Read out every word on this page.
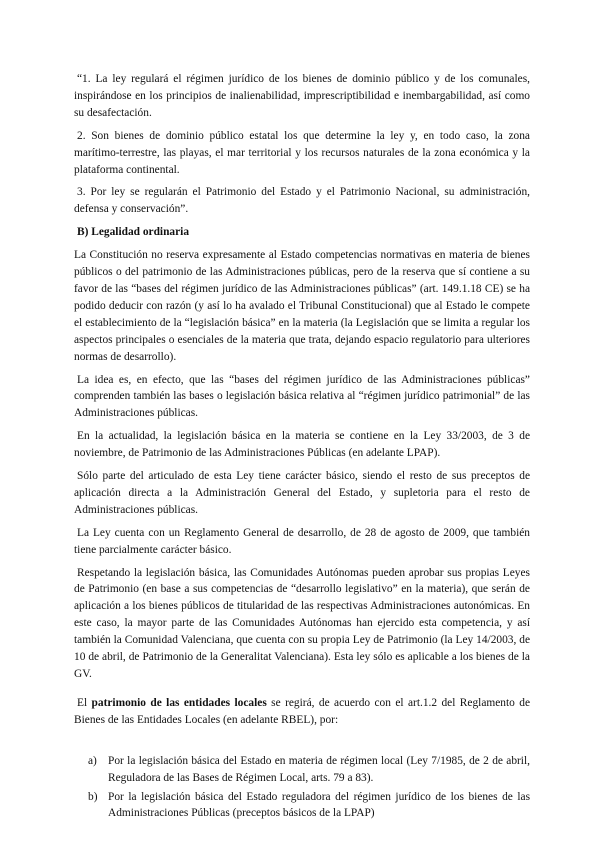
“1. La ley regulará el régimen jurídico de los bienes de dominio público y de los comunales, inspirándose en los principios de inalienabilidad, imprescriptibilidad e inembargabilidad, así como su desafectación.

2. Son bienes de dominio público estatal los que determine la ley y, en todo caso, la zona marítimo-terrestre, las playas, el mar territorial y los recursos naturales de la zona económica y la plataforma continental.

3. Por ley se regularán el Patrimonio del Estado y el Patrimonio Nacional, su administración, defensa y conservación”.

B) Legalidad ordinaria

La Constitución no reserva expresamente al Estado competencias normativas en materia de bienes públicos o del patrimonio de las Administraciones públicas, pero de la reserva que sí contiene a su favor de las “bases del régimen jurídico de las Administraciones públicas” (art. 149.1.18 CE) se ha podido deducir con razón (y así lo ha avalado el Tribunal Constitucional) que al Estado le compete el establecimiento de la “legislación básica” en la materia (la Legislación que se limita a regular los aspectos principales o esenciales de la materia que trata, dejando espacio regulatorio para ulteriores normas de desarrollo).

La idea es, en efecto, que las “bases del régimen jurídico de las Administraciones públicas” comprenden también las bases o legislación básica relativa al “régimen jurídico patrimonial” de las Administraciones públicas.

En la actualidad, la legislación básica en la materia se contiene en la Ley 33/2003, de 3 de noviembre, de Patrimonio de las Administraciones Públicas (en adelante LPAP).

Sólo parte del articulado de esta Ley tiene carácter básico, siendo el resto de sus preceptos de aplicación directa a la Administración General del Estado, y supletoria para el resto de Administraciones públicas.

La Ley cuenta con un Reglamento General de desarrollo, de 28 de agosto de 2009, que también tiene parcialmente carácter básico.

Respetando la legislación básica, las Comunidades Autónomas pueden aprobar sus propias Leyes de Patrimonio (en base a sus competencias de “desarrollo legislativo” en la materia), que serán de aplicación a los bienes públicos de titularidad de las respectivas Administraciones autonómicas. En este caso, la mayor parte de las Comunidades Autónomas han ejercido esta competencia, y así también la Comunidad Valenciana, que cuenta con su propia Ley de Patrimonio (la Ley 14/2003, de 10 de abril, de Patrimonio de la Generalitat Valenciana). Esta ley sólo es aplicable a los bienes de la GV.

El patrimonio de las entidades locales se regirá, de acuerdo con el art.1.2 del Reglamento de Bienes de las Entidades Locales (en adelante RBEL), por:

a) Por la legislación básica del Estado en materia de régimen local (Ley 7/1985, de 2 de abril, Reguladora de las Bases de Régimen Local, arts. 79 a 83).
b) Por la legislación básica del Estado reguladora del régimen jurídico de los bienes de las Administraciones Públicas (preceptos básicos de la LPAP)
